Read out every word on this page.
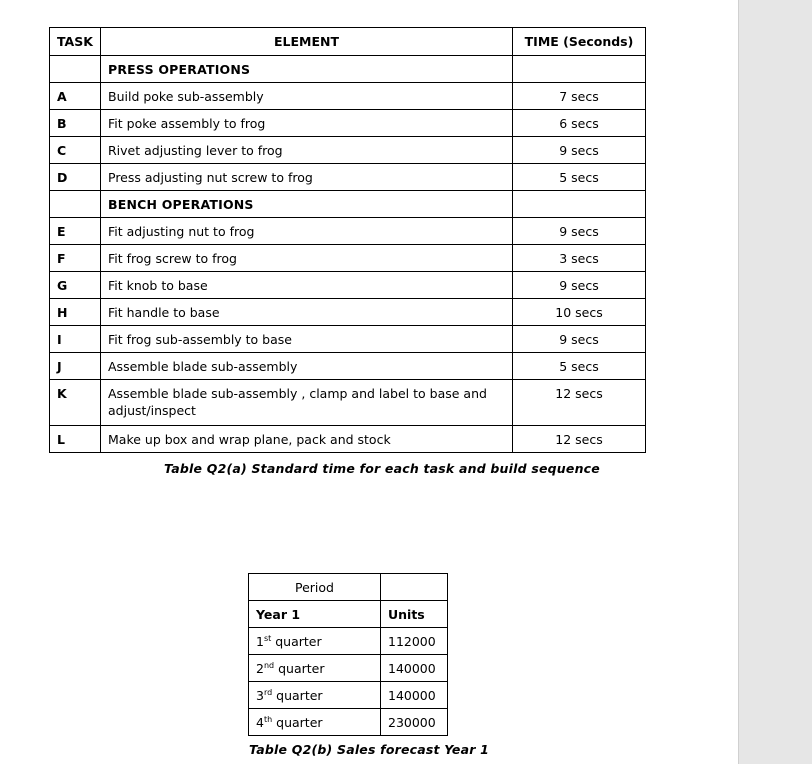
TASK	ELEMENT	TIME (Seconds)
	PRESS OPERATIONS	
A	Build poke sub-assembly	7 secs
B	Fit poke assembly to frog	6 secs
C	Rivet adjusting lever to frog	9 secs
D	Press adjusting nut screw to frog	5 secs
	BENCH OPERATIONS	
E	Fit adjusting nut to frog	9 secs
F	Fit frog screw to frog	3 secs
G	Fit knob to base	9 secs
H	Fit handle to base	10 secs
I	Fit frog sub-assembly to base	9 secs
J	Assemble blade sub-assembly	5 secs
K	Assemble blade sub-assembly , clamp and label to base and adjust/inspect	12 secs
L	Make up box and wrap plane, pack and stock	12 secs
Table Q2(a) Standard time for each task and build sequence
Period	
Year 1	Units
1st quarter	112000
2nd quarter	140000
3rd quarter	140000
4th quarter	230000
Table Q2(b) Sales forecast Year 1
